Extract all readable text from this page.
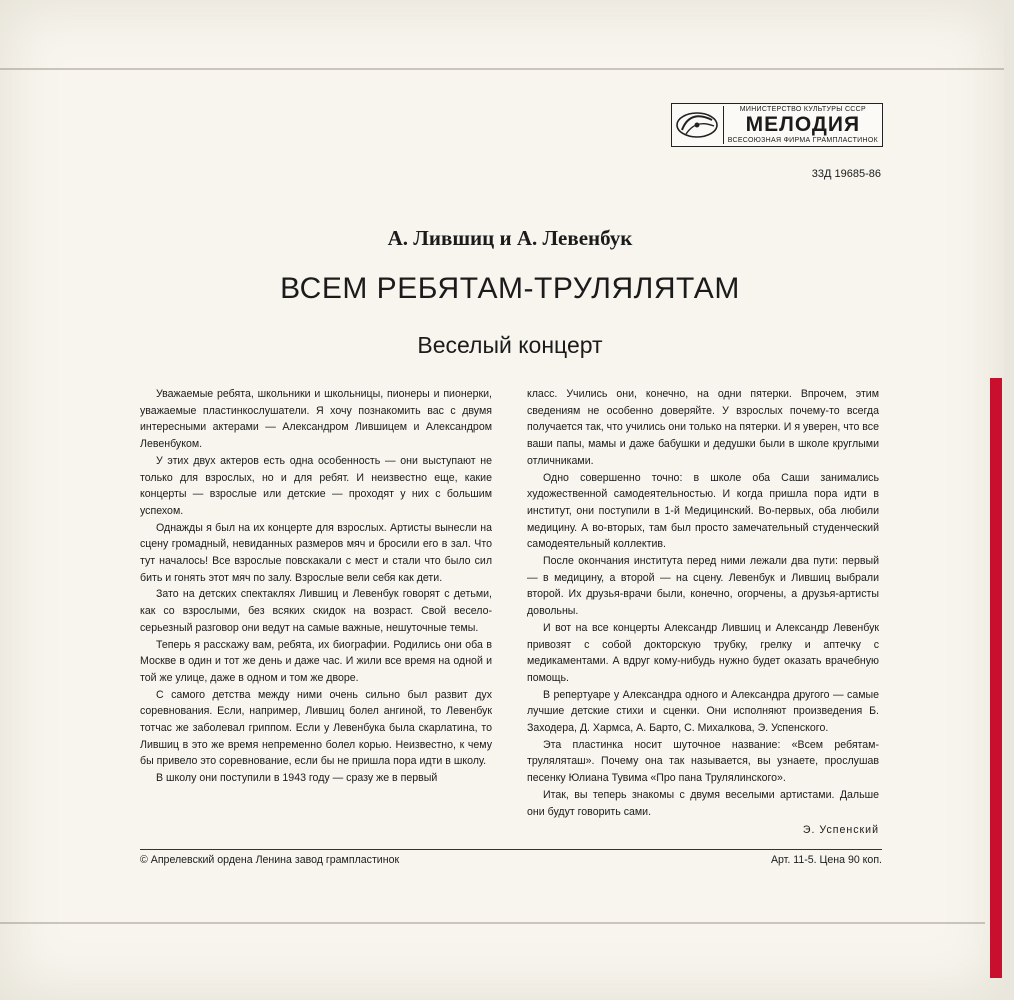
МИНИСТЕРСТВО КУЛЬТУРЫ СССР
МЕЛОДИЯ
ВСЕСОЮЗНАЯ ФИРМА ГРАМПЛАСТИНОК
33Д 19685-86
А. Лившиц и А. Левенбук
ВСЕМ РЕБЯТАМ-ТРУЛЯЛЯТАМ
Веселый концерт

Уважаемые ребята, школьники и школьницы, пионеры и пионерки, уважаемые пластинкослушатели. Я хочу познакомить вас с двумя интересными актерами — Александром Лившицем и Александром Левенбуком.

У этих двух актеров есть одна особенность — они выступают не только для взрослых, но и для ребят. И неизвестно еще, какие концерты — взрослые или детские — проходят у них с большим успехом.

Однажды я был на их концерте для взрослых. Артисты вынесли на сцену громадный, невиданных размеров мяч и бросили его в зал. Что тут началось! Все взрослые повскакали с мест и стали что было сил бить и гонять этот мяч по залу. Взрослые вели себя как дети.

Зато на детских спектаклях Лившиц и Левенбук говорят с детьми, как со взрослыми, без всяких скидок на возраст. Свой весело-серьезный разговор они ведут на самые важные, нешуточные темы.

Теперь я расскажу вам, ребята, их биографии. Родились они оба в Москве в один и тот же день и даже час. И жили все время на одной и той же улице, даже в одном и том же дворе.

С самого детства между ними очень сильно был развит дух соревнования. Если, например, Лившиц болел ангиной, то Левенбук тотчас же заболевал гриппом. Если у Левенбука была скарлатина, то Лившиц в это же время непременно болел корью. Неизвестно, к чему бы привело это соревнование, если бы не пришла пора идти в школу.

В школу они поступили в 1943 году — сразу же в первый

класс. Учились они, конечно, на одни пятерки. Впрочем, этим сведениям не особенно доверяйте. У взрослых почему-то всегда получается так, что учились они только на пятерки. И я уверен, что все ваши папы, мамы и даже бабушки и дедушки были в школе круглыми отличниками.

Одно совершенно точно: в школе оба Саши занимались художественной самодеятельностью. И когда пришла пора идти в институт, они поступили в 1-й Медицинский. Во-первых, оба любили медицину. А во-вторых, там был просто замечательный студенческий самодеятельный коллектив.

После окончания института перед ними лежали два пути: первый — в медицину, а второй — на сцену. Левенбук и Лившиц выбрали второй. Их друзья-врачи были, конечно, огорчены, а друзья-артисты довольны.

И вот на все концерты Александр Лившиц и Александр Левенбук привозят с собой докторскую трубку, грелку и аптечку с медикаментами. А вдруг кому-нибудь нужно будет оказать врачебную помощь.

В репертуаре у Александра одного и Александра другого — самые лучшие детские стихи и сценки. Они исполняют произведения Б. Заходера, Д. Хармса, А. Барто, С. Михалкова, Э. Успенского.

Эта пластинка носит шуточное название: «Всем ребятам-труляляташ». Почему она так называется, вы узнаете, прослушав песенку Юлиана Тувима «Про пана Трулялинского».

Итак, вы теперь знакомы с двумя веселыми артистами. Дальше они будут говорить сами.

Э. Успенский

© Апрелевский ордена Ленина завод грампластинок	Арт. 11-5. Цена 90 коп.
